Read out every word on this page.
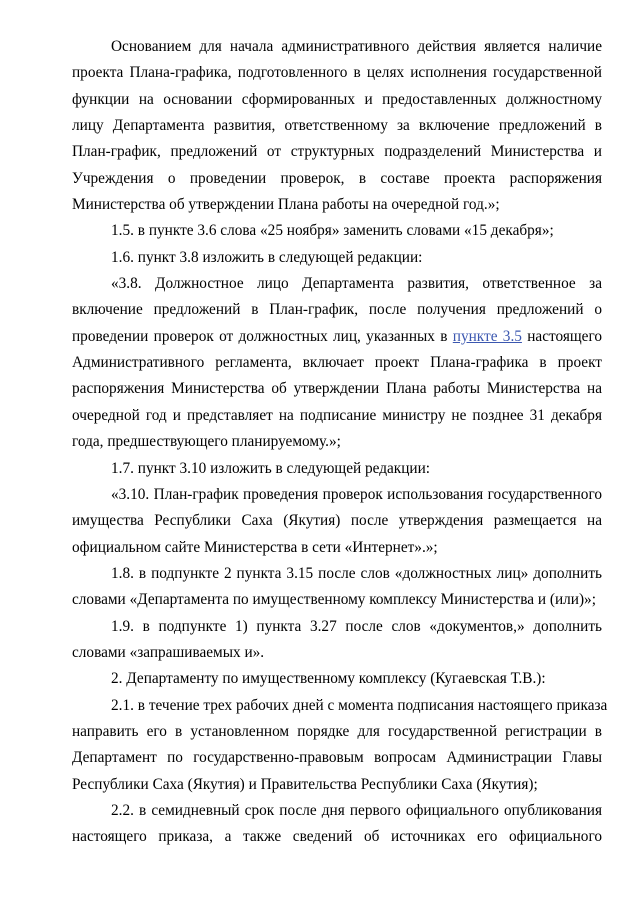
Основанием для начала административного действия является наличие
проекта Плана-графика, подготовленного в целях исполнения государственной
функции на основании сформированных и предоставленных должностному
лицу Департамента развития, ответственному за включение предложений в
План-график, предложений от структурных подразделений Министерства и
Учреждения о проведении проверок, в составе проекта распоряжения
Министерства об утверждении Плана работы на очередной год.»;
1.5. в пункте 3.6 слова «25 ноября» заменить словами «15 декабря»;
1.6. пункт 3.8 изложить в следующей редакции:
«3.8. Должностное лицо Департамента развития, ответственное за
включение предложений в План-график, после получения предложений о
проведении проверок от должностных лиц, указанных в пункте 3.5 настоящего
Административного регламента, включает проект Плана-графика в проект
распоряжения Министерства об утверждении Плана работы Министерства на
очередной год и представляет на подписание министру не позднее 31 декабря
года, предшествующего планируемому.»;
1.7. пункт 3.10 изложить в следующей редакции:
«3.10. План-график проведения проверок использования государственного
имущества Республики Саха (Якутия) после утверждения размещается на
официальном сайте Министерства в сети «Интернет».»;
1.8. в подпункте 2 пункта 3.15 после слов «должностных лиц» дополнить
словами «Департамента по имущественному комплексу Министерства и (или)»;
1.9. в подпункте 1) пункта 3.27 после слов «документов,» дополнить
словами «запрашиваемых и».
2. Департаменту по имущественному комплексу (Кугаевская Т.В.):
2.1. в течение трех рабочих дней с момента подписания настоящего приказа
направить его в установленном порядке для государственной регистрации в
Департамент по государственно-правовым вопросам Администрации Главы
Республики Саха (Якутия) и Правительства Республики Саха (Якутия);
2.2. в семидневный срок после дня первого официального опубликования
настоящего приказа, а также сведений об источниках его официального
